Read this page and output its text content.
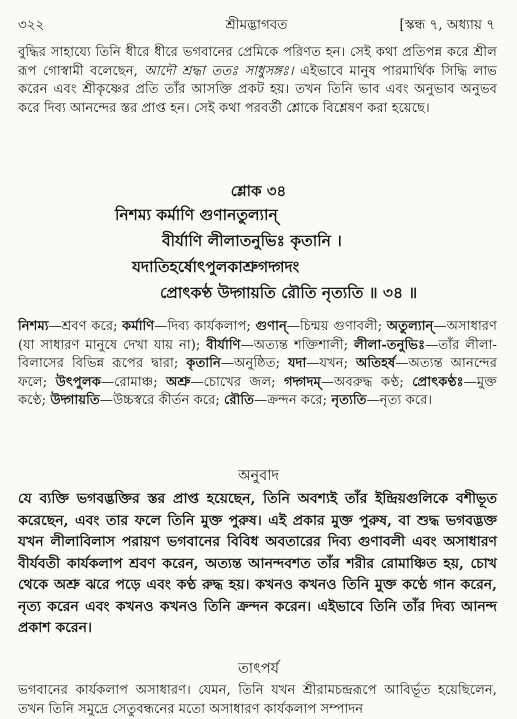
৩২২	শ্রীমদ্ভাগবত	[স্কন্ধ ৭, অধ্যায় ৭

বুদ্ধির সাহায্যে তিনি ধীরে ধীরে ভগবানের প্রেমিকে পরিণত হন। সেই কথা প্রতিপন্ন করে শ্রীল রূপ গোস্বামী বলেছেন, আদৌ শ্রদ্ধা ততঃ সাধুসঙ্গঃ। এইভাবে মানুষ পারমার্থিক সিদ্ধি লাভ করেন এবং শ্রীকৃষ্ণের প্রতি তাঁর আসক্তি প্রকট হয়। তখন তিনি ভাব এবং অনুভাব অনুভব করে দিব্য আনন্দের স্তর প্রাপ্ত হন। সেই কথা পরবর্তী শ্লোকে বিশ্লেষণ করা হয়েছে।

শ্লোক ৩৪
নিশম্য কর্মাণি গুণানতুল্যান্
বীর্যাণি লীলাতনুভিঃ কৃতানি ।
যদাতিহর্ষোৎপুলকাশ্রুগদ্গদং
প্রোৎকণ্ঠ উদ্গায়তি রৌতি নৃত্যতি ॥ ৩৪ ॥

নিশম্য—শ্রবণ করে; কর্মাণি—দিব্য কার্যকলাপ; গুণান্—চিন্ময় গুণাবলী; অতুল্যান্—অসাধারণ (যা সাধারণ মানুষে দেখা যায় না); বীর্যাণি—অত্যন্ত শক্তিশালী; লীলা-তনুভিঃ—তাঁর লীলা-বিলাসের বিভিন্ন রূপের দ্বারা; কৃতানি—অনুষ্ঠিত; যদা—যখন; অতিহর্ষ—অত্যন্ত আনন্দের ফলে; উৎপুলক—রোমাঞ্চ; অশ্রু—চোখের জল; গদ্গদম্—অবরুদ্ধ কণ্ঠ; প্রোৎকণ্ঠঃ—মুক্ত কণ্ঠে; উদ্গায়তি—উচ্চস্বরে কীর্তন করে; রৌতি—ক্রন্দন করে; নৃত্যতি—নৃত্য করে।

অনুবাদ

যে ব্যক্তি ভগবদ্ভক্তির স্তর প্রাপ্ত হয়েছেন, তিনি অবশ্যই তাঁর ইন্দ্রিয়গুলিকে বশীভূত করেছেন, এবং তার ফলে তিনি মুক্ত পুরুষ। এই প্রকার মুক্ত পুরুষ, বা শুদ্ধ ভগবদ্ভক্ত যখন লীলাবিলাস পরায়ণ ভগবানের বিবিধ অবতারের দিব্য গুণাবলী এবং অসাধারণ বীর্যবতী কার্যকলাপ শ্রবণ করেন, অত্যন্ত আনন্দবশত তাঁর শরীর রোমাঞ্চিত হয়, চোখ থেকে অশ্রু ঝরে পড়ে এবং কণ্ঠ রুদ্ধ হয়। কখনও কখনও তিনি মুক্ত কণ্ঠে গান করেন, নৃত্য করেন এবং কখনও কখনও তিনি ক্রন্দন করেন। এইভাবে তিনি তাঁর দিব্য আনন্দ প্রকাশ করেন।

তাৎপর্য

ভগবানের কার্যকলাপ অসাধারণ। যেমন, তিনি যখন শ্রীরামচন্দ্ররূপে আবির্ভূত হয়েছিলেন, তখন তিনি সমুদ্রে সেতুবন্ধনের মতো অসাধারণ কার্যকলাপ সম্পাদন
